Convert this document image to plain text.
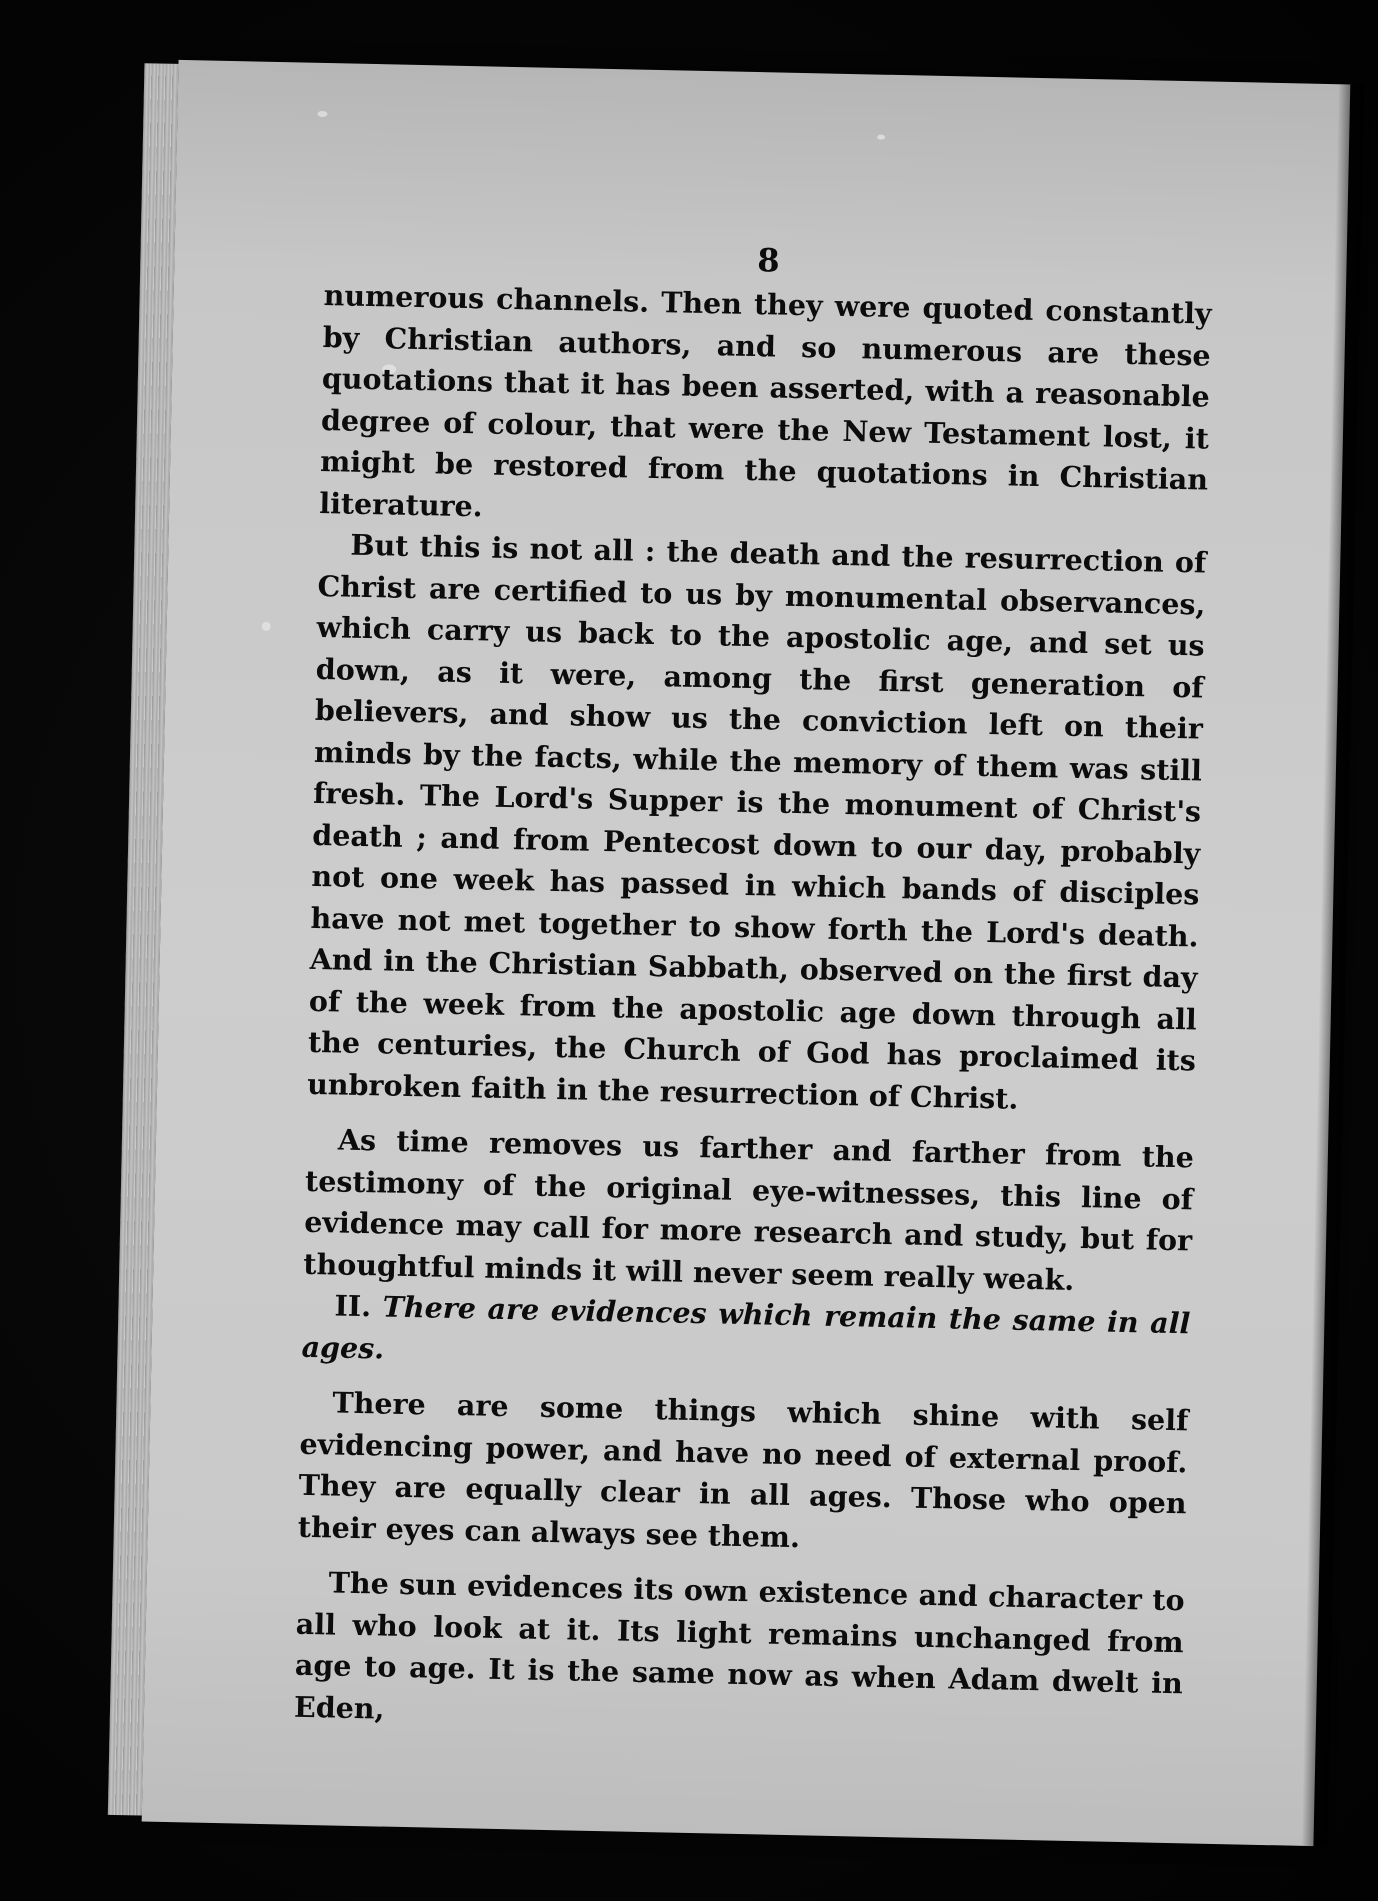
8

numerous channels. Then they were quoted constantly by Christian authors, and so numerous are these quotations that it has been asserted, with a reasonable degree of colour, that were the New Testament lost, it might be restored from the quotations in Christian literature.

But this is not all : the death and the resurrection of Christ are certified to us by monumental observances, which carry us back to the apostolic age, and set us down, as it were, among the first generation of believers, and show us the conviction left on their minds by the facts, while the memory of them was still fresh. The Lord's Supper is the monument of Christ's death ; and from Pentecost down to our day, probably not one week has passed in which bands of disciples have not met together to show forth the Lord's death. And in the Christian Sabbath, observed on the first day of the week from the apostolic age down through all the centuries, the Church of God has proclaimed its unbroken faith in the resurrection of Christ.

As time removes us farther and farther from the testimony of the original eye-witnesses, this line of evidence may call for more research and study, but for thoughtful minds it will never seem really weak.

II. There are evidences which remain the same in all ages.

There are some things which shine with self evidencing power, and have no need of external proof. They are equally clear in all ages. Those who open their eyes can always see them.

The sun evidences its own existence and character to all who look at it. Its light remains unchanged from age to age. It is the same now as when Adam dwelt in Eden,
